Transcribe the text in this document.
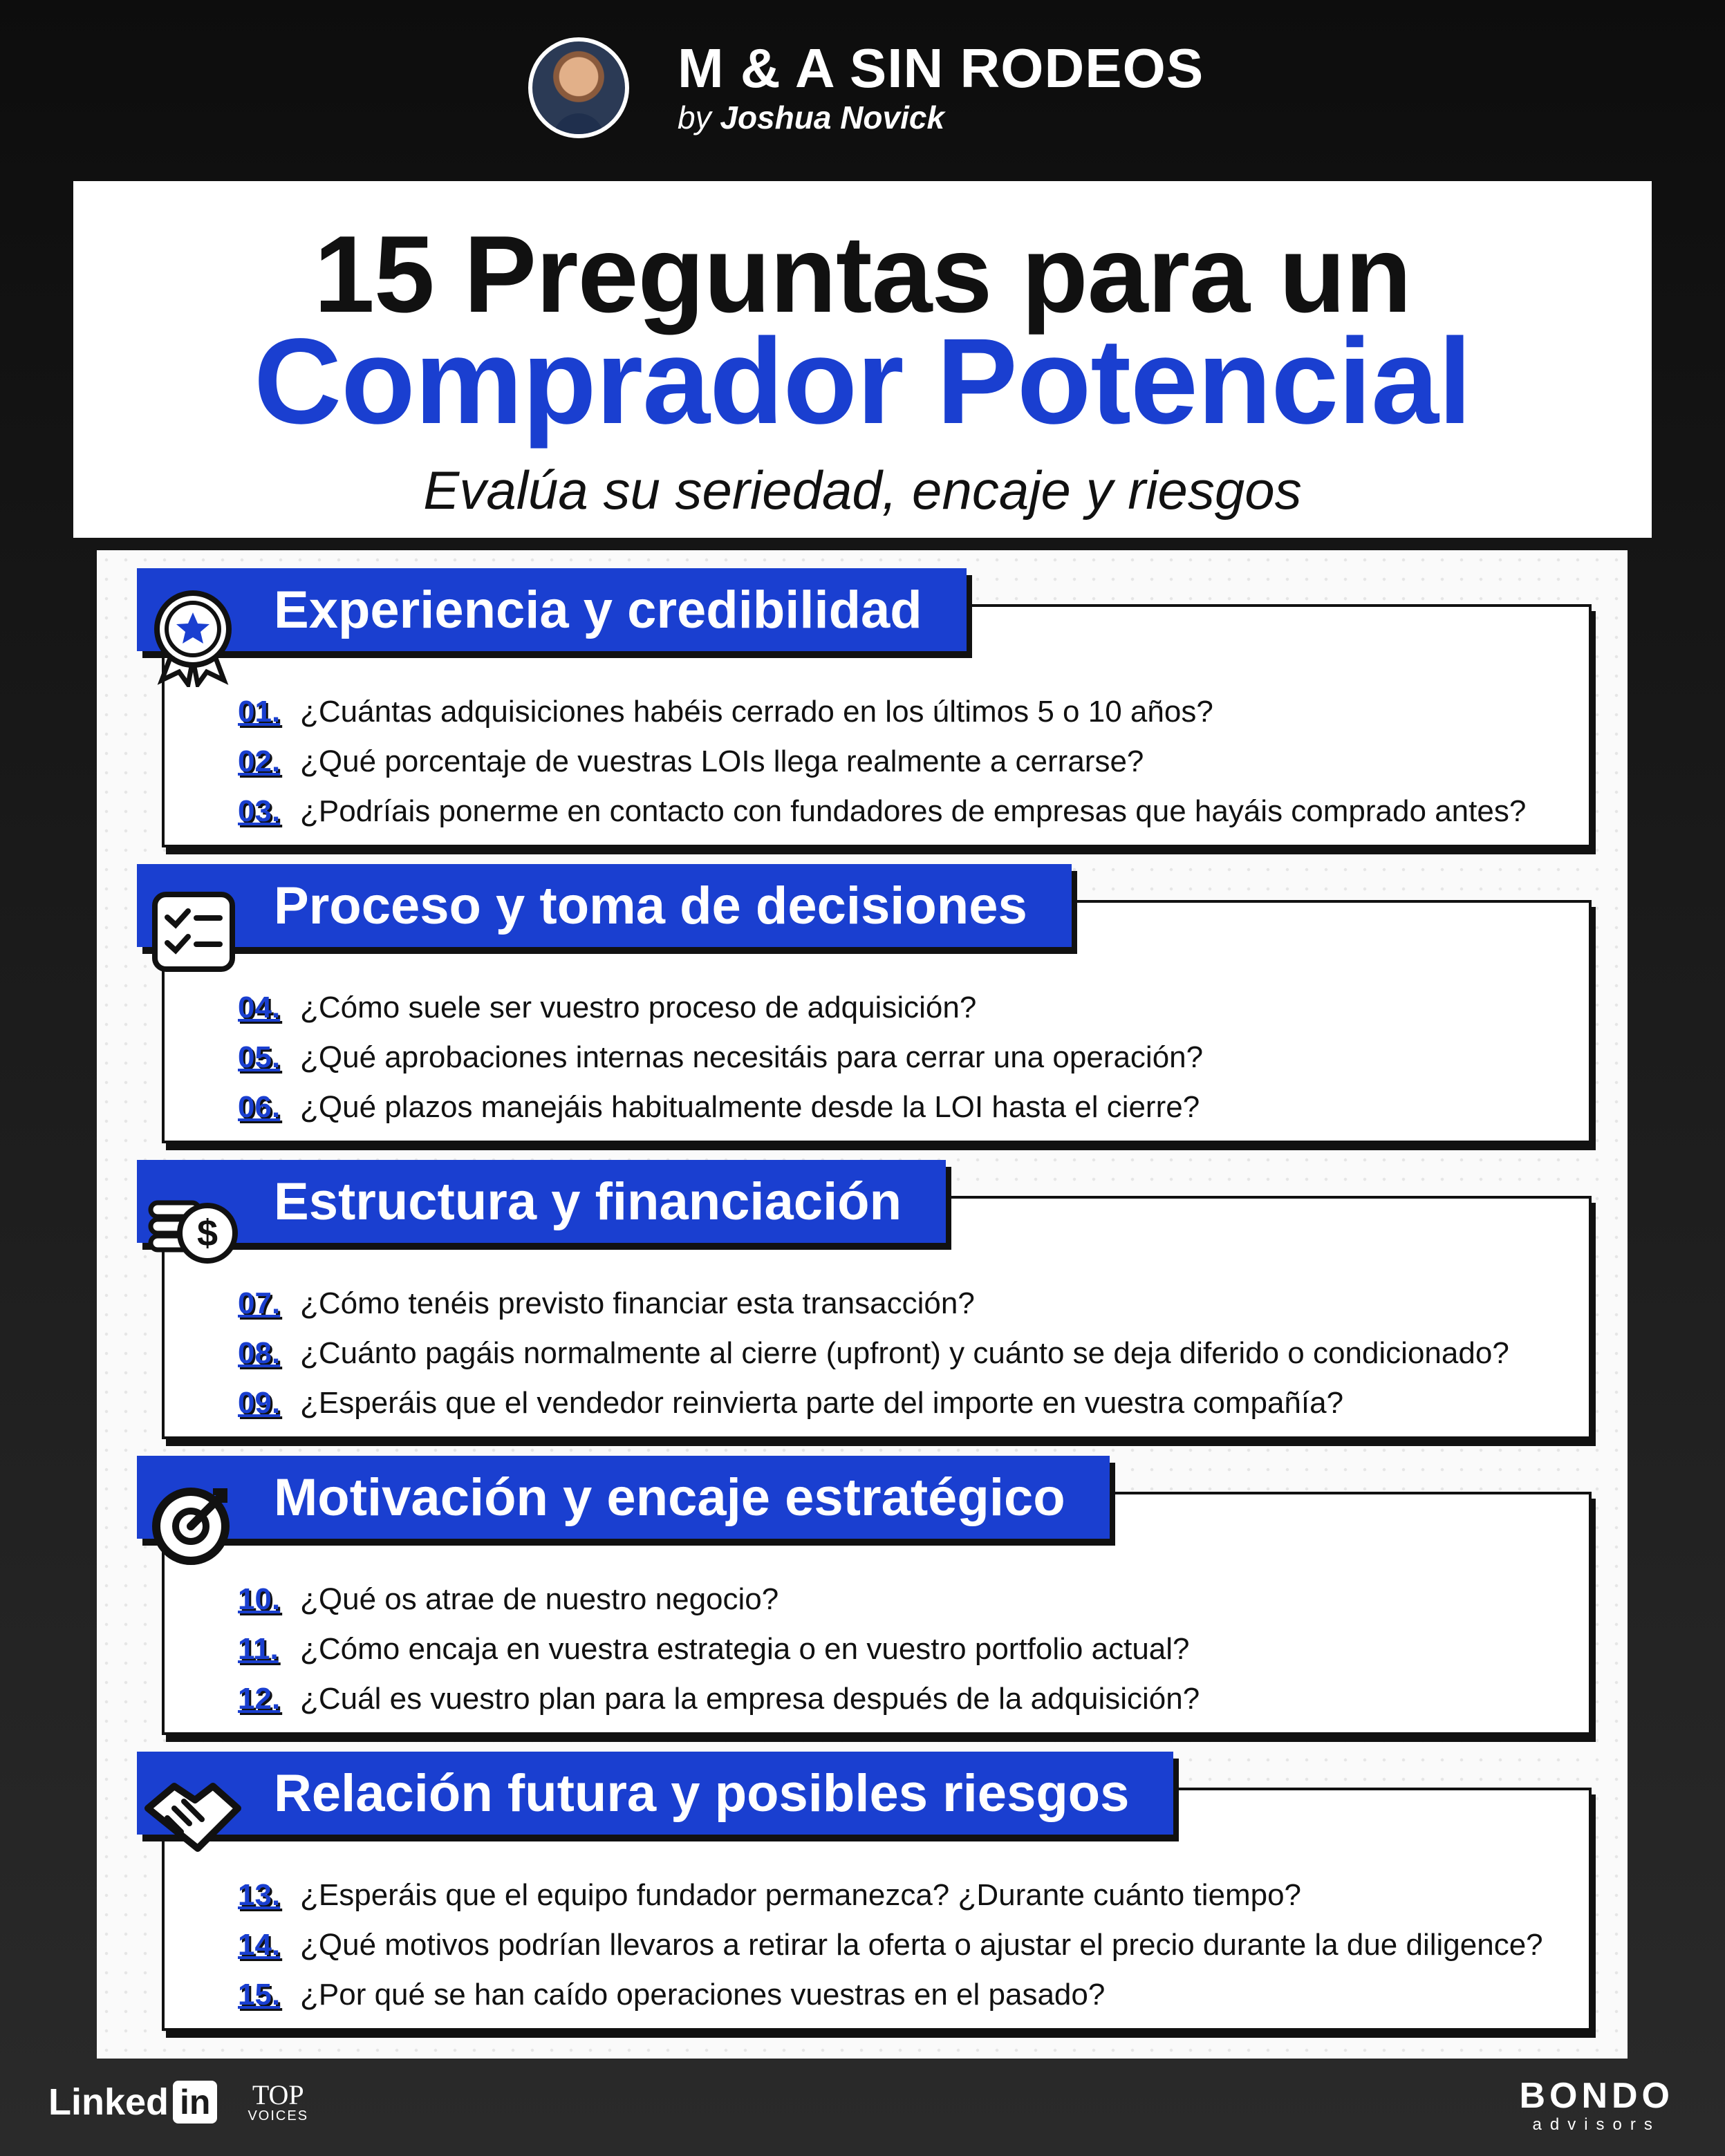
M & A SIN RODEOS
by Joshua Novick
15 Preguntas para un
Comprador Potencial
Evalúa su seriedad, encaje y riesgos
Experiencia y credibilidad
01. ¿Cuántas adquisiciones habéis cerrado en los últimos 5 o 10 años?
02. ¿Qué porcentaje de vuestras LOIs llega realmente a cerrarse?
03. ¿Podríais ponerme en contacto con fundadores de empresas que hayáis comprado antes?
Proceso y toma de decisiones
04. ¿Cómo suele ser vuestro proceso de adquisición?
05. ¿Qué aprobaciones internas necesitáis para cerrar una operación?
06. ¿Qué plazos manejáis habitualmente desde la LOI hasta el cierre?
Estructura y financiación
$
07. ¿Cómo tenéis previsto financiar esta transacción?
08. ¿Cuánto pagáis normalmente al cierre (upfront) y cuánto se deja diferido o condicionado?
09. ¿Esperáis que el vendedor reinvierta parte del importe en vuestra compañía?
Motivación y encaje estratégico
10. ¿Qué os atrae de nuestro negocio?
11. ¿Cómo encaja en vuestra estrategia o en vuestro portfolio actual?
12. ¿Cuál es vuestro plan para la empresa después de la adquisición?
Relación futura y posibles riesgos
13. ¿Esperáis que el equipo fundador permanezca? ¿Durante cuánto tiempo?
14. ¿Qué motivos podrían llevaros a retirar la oferta o ajustar el precio durante la due diligence?
15. ¿Por qué se han caído operaciones vuestras en el pasado?
Linked in TOP
VOICES	BONDO
advisors
